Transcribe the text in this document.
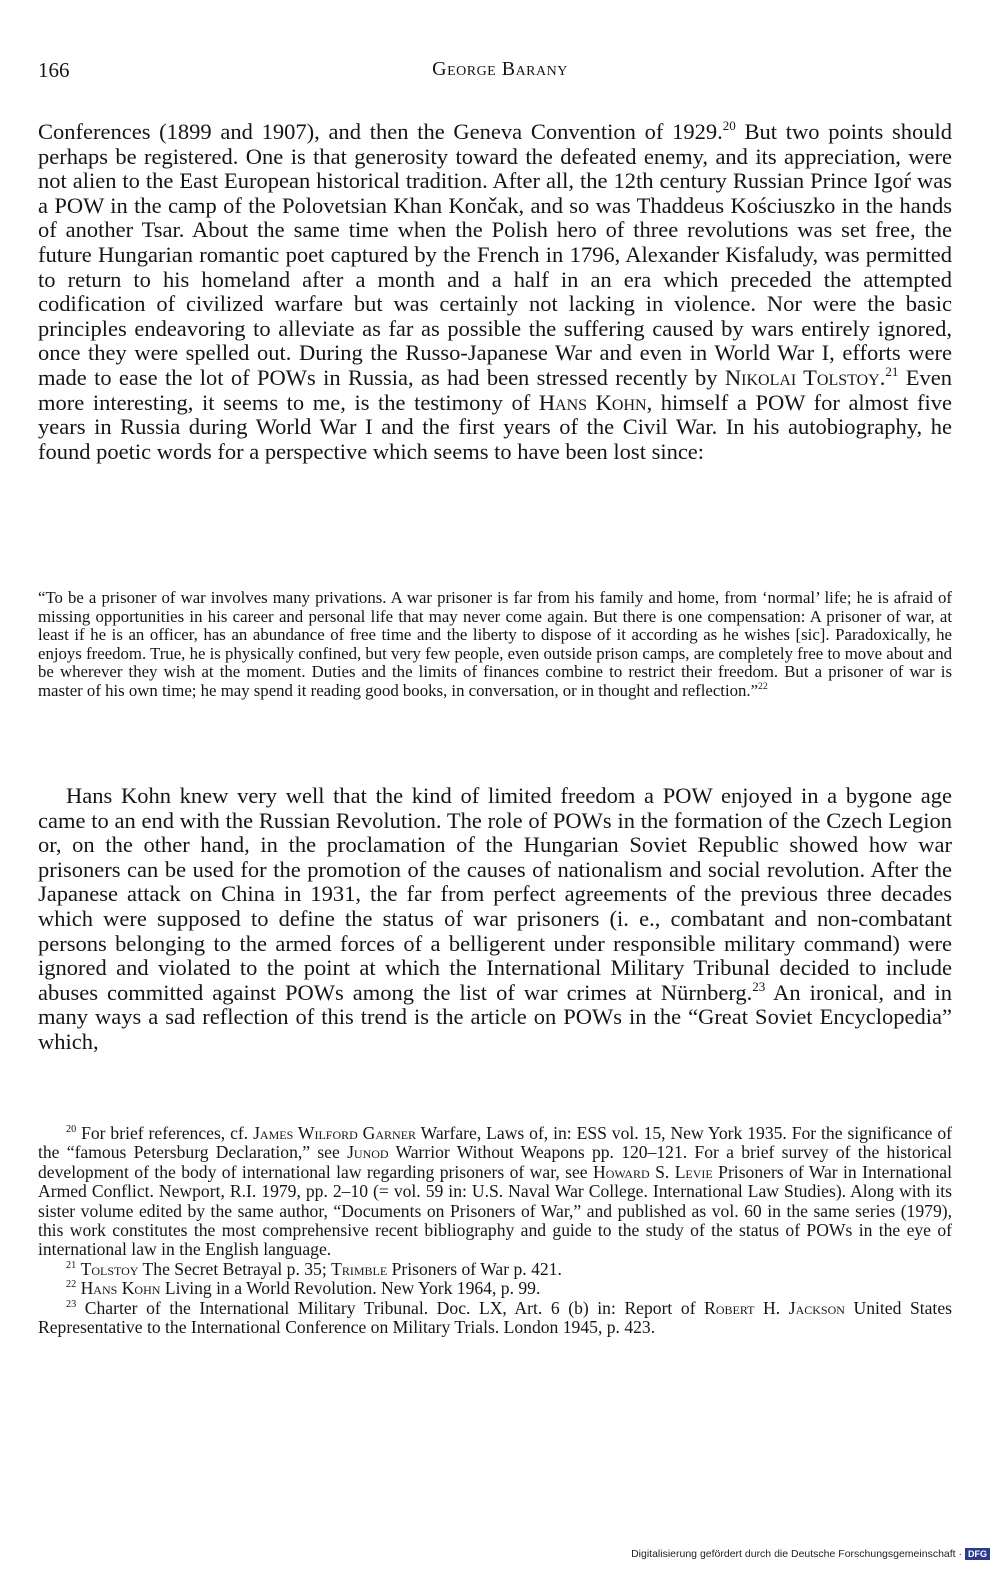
166	George Barany

Conferences (1899 and 1907), and then the Geneva Convention of 1929.20 But two points should perhaps be registered. One is that generosity toward the defeated enemy, and its appreciation, were not alien to the East European historical tradition. After all, the 12th century Russian Prince Igoŕ was a POW in the camp of the Polovetsian Khan Končak, and so was Thaddeus Kościuszko in the hands of another Tsar. About the same time when the Polish hero of three revolutions was set free, the future Hungarian romantic poet captured by the French in 1796, Alexander Kisfaludy, was permitted to return to his homeland after a month and a half in an era which preceded the attempted codification of civilized warfare but was certainly not lacking in violence. Nor were the basic principles endeavoring to alleviate as far as possible the suffering caused by wars entirely ignored, once they were spelled out. During the Russo-Japanese War and even in World War I, efforts were made to ease the lot of POWs in Russia, as had been stressed recently by Nikolai Tolstoy.$^{21}$ Even more interesting, it seems to me, is the testimony of Hans Kohn, himself a POW for almost five years in Russia during World War I and the first years of the Civil War. In his autobiography, he found poetic words for a perspective which seems to have been lost since:

“To be a prisoner of war involves many privations. A war prisoner is far from his family and home, from ‘normal’ life; he is afraid of missing opportunities in his career and personal life that may never come again. But there is one compensation: A prisoner of war, at least if he is an officer, has an abundance of free time and the liberty to dispose of it according as he wishes [sic]. Paradoxically, he enjoys freedom. True, he is physically confined, but very few people, even outside prison camps, are completely free to move about and be wherever they wish at the moment. Duties and the limits of finances combine to restrict their freedom. But a prisoner of war is master of his own time; he may spend it reading good books, in conversation, or in thought and reflection.”$^{22}$

Hans Kohn knew very well that the kind of limited freedom a POW enjoyed in a bygone age came to an end with the Russian Revolution. The role of POWs in the formation of the Czech Legion or, on the other hand, in the proclamation of the Hungarian Soviet Republic showed how war prisoners can be used for the promotion of the causes of nationalism and social revolution. After the Japanese attack on China in 1931, the far from perfect agreements of the previous three decades which were supposed to define the status of war prisoners (i. e., combatant and non-combatant persons belonging to the armed forces of a belligerent under responsible military command) were ignored and violated to the point at which the International Military Tribunal decided to include abuses committed against POWs among the list of war crimes at Nürnberg.$^{23}$ An ironical, and in many ways a sad reflection of this trend is the article on POWs in the “Great Soviet Encyclopedia” which,

$^{20}$ For brief references, cf. James Wilford Garner Warfare, Laws of, in: ESS vol. 15, New York 1935. For the significance of the “famous Petersburg Declaration,” see Junod Warrior Without Weapons pp. 120–121. For a brief survey of the historical development of the body of international law regarding prisoners of war, see Howard S. Levie Prisoners of War in International Armed Conflict. Newport, R.I. 1979, pp. 2–10 (= vol. 59 in: U.S. Naval War College. International Law Studies). Along with its sister volume edited by the same author, “Documents on Prisoners of War,” and published as vol. 60 in the same series (1979), this work constitutes the most comprehensive recent bibliography and guide to the study of the status of POWs in the eye of international law in the English language.

$^{21}$ Tolstoy The Secret Betrayal p. 35; Trimble Prisoners of War p. 421.

$^{22}$ Hans Kohn Living in a World Revolution. New York 1964, p. 99.

$^{23}$ Charter of the International Military Tribunal. Doc. LX, Art. 6 (b) in: Report of Robert H. Jackson United States Representative to the International Conference on Military Trials. London 1945, p. 423.

Digitalisierung gefördert durch die Deutsche Forschungsgemeinschaft · DFG
